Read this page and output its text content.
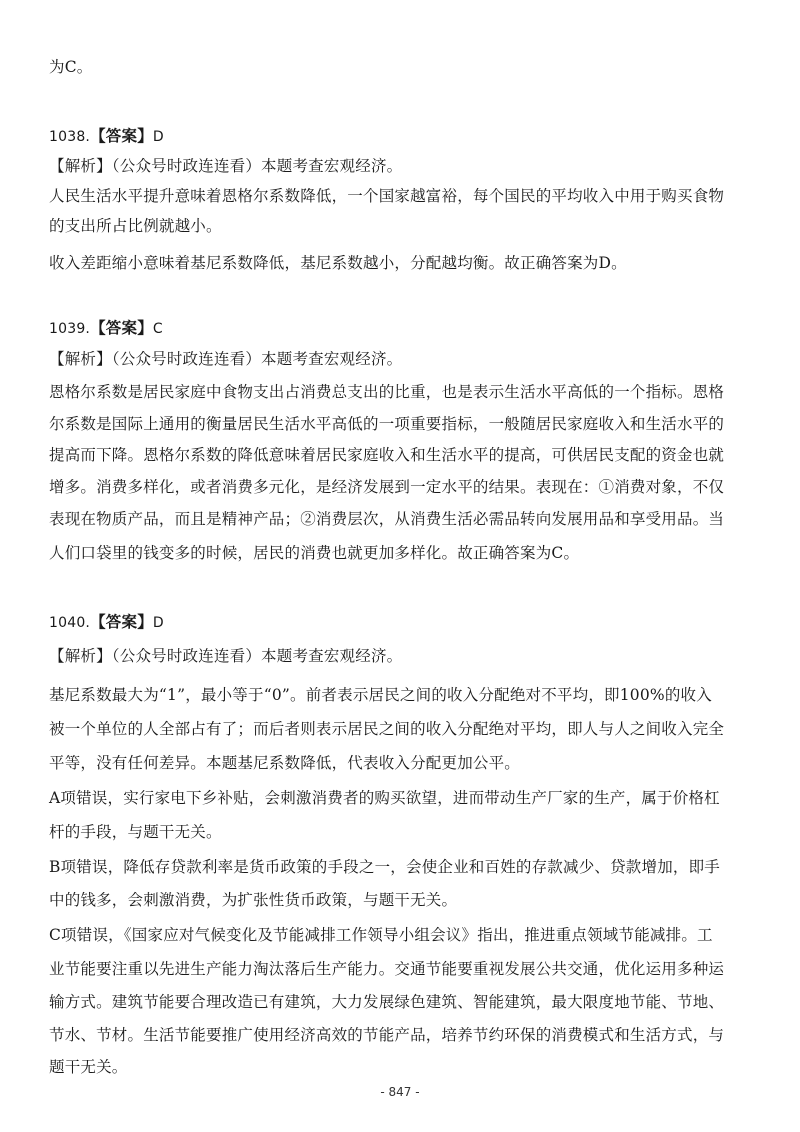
为C。
1038.【答案】D
【解析】（公众号时政连连看）本题考查宏观经济。
人民生活水平提升意味着恩格尔系数降低，一个国家越富裕，每个国民的平均收入中用于购买食物
的支出所占比例就越小。
收入差距缩小意味着基尼系数降低，基尼系数越小，分配越均衡。故正确答案为D。
1039.【答案】C
【解析】（公众号时政连连看）本题考查宏观经济。
恩格尔系数是居民家庭中食物支出占消费总支出的比重，也是表示生活水平高低的一个指标。恩格
尔系数是国际上通用的衡量居民生活水平高低的一项重要指标，一般随居民家庭收入和生活水平的
提高而下降。恩格尔系数的降低意味着居民家庭收入和生活水平的提高，可供居民支配的资金也就
增多。消费多样化，或者消费多元化，是经济发展到一定水平的结果。表现在：①消费对象，不仅
表现在物质产品，而且是精神产品；②消费层次，从消费生活必需品转向发展用品和享受用品。当
人们口袋里的钱变多的时候，居民的消费也就更加多样化。故正确答案为C。
1040.【答案】D
【解析】（公众号时政连连看）本题考查宏观经济。
基尼系数最大为“1”，最小等于“0”。前者表示居民之间的收入分配绝对不平均，即100%的收入
被一个单位的人全部占有了；而后者则表示居民之间的收入分配绝对平均，即人与人之间收入完全
平等，没有任何差异。本题基尼系数降低，代表收入分配更加公平。
A项错误，实行家电下乡补贴，会刺激消费者的购买欲望，进而带动生产厂家的生产，属于价格杠
杆的手段，与题干无关。
B项错误，降低存贷款利率是货币政策的手段之一，会使企业和百姓的存款减少、贷款增加，即手
中的钱多，会刺激消费，为扩张性货币政策，与题干无关。
C项错误，《国家应对气候变化及节能减排工作领导小组会议》指出，推进重点领域节能减排。工
业节能要注重以先进生产能力淘汰落后生产能力。交通节能要重视发展公共交通，优化运用多种运
输方式。建筑节能要合理改造已有建筑，大力发展绿色建筑、智能建筑，最大限度地节能、节地、
节水、节材。生活节能要推广使用经济高效的节能产品，培养节约环保的消费模式和生活方式，与
题干无关。
- 847 -
